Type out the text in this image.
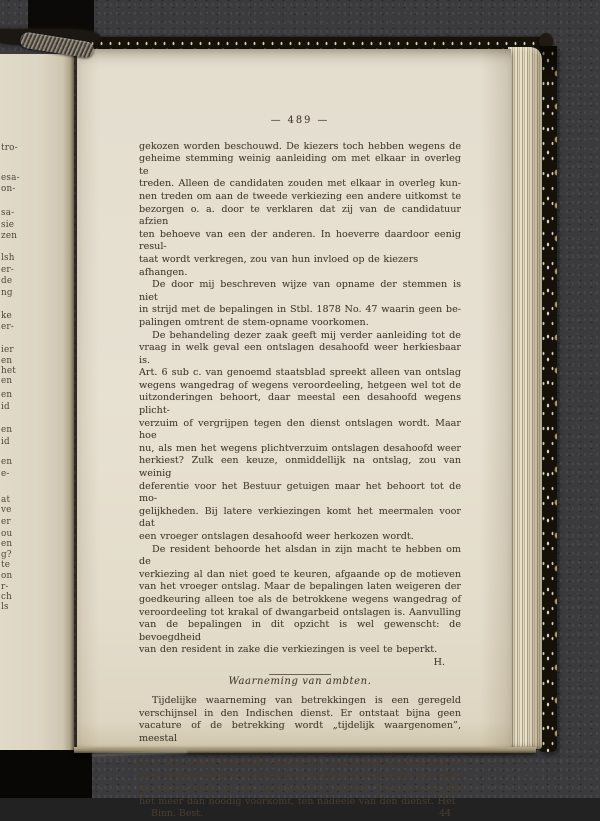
tro-
esa-
on-
sa-
sie
zen
lsh
er-
de
ng
ke
er-
ier
en
het
en
en
id
en
id
en
e-
at
ve
er
ou
en
g?
te
on
r-
ch
ls
— 489 —
gekozen worden beschouwd. De kiezers toch hebben wegens de
geheime stemming weinig aanleiding om met elkaar in overleg te
treden. Alleen de candidaten zouden met elkaar in overleg kun-
nen treden om aan de tweede verkiezing een andere uitkomst te
bezorgen o. a. door te verklaren dat zij van de candidatuur afzien
ten behoeve van een der anderen. In hoeverre daardoor eenig resul-
taat wordt verkregen, zou van hun invloed op de kiezers afhangen.
De door mij beschreven wijze van opname der stemmen is niet
in strijd met de bepalingen in Stbl. 1878 No. 47 waarin geen be-
palingen omtrent de stem-opname voorkomen.
De behandeling dezer zaak geeft mij verder aanleiding tot de
vraag in welk geval een ontslagen desahoofd weer herkiesbaar is.
Art. 6 sub c. van genoemd staatsblad spreekt alleen van ontslag
wegens wangedrag of wegens veroordeeling, hetgeen wel tot de
uitzonderingen behoort, daar meestal een desahoofd wegens plicht-
verzuim of vergrijpen tegen den dienst ontslagen wordt. Maar hoe
nu, als men het wegens plichtverzuim ontslagen desahoofd weer
herkiest? Zulk een keuze, onmiddellijk na ontslag, zou van weinig
deferentie voor het Bestuur getuigen maar het behoort tot de mo-
gelijkheden. Bij latere verkiezingen komt het meermalen voor dat
een vroeger ontslagen desahoofd weer herkozen wordt.
De resident behoorde het alsdan in zijn macht te hebben om de
verkiezing al dan niet goed te keuren, afgaande op de motieven
van het vroeger ontslag. Maar de bepalingen laten weigeren der
goedkeuring alleen toe als de betrokkene wegens wangedrag of
veroordeeling tot krakal of dwangarbeid ontslagen is. Aanvulling
van de bepalingen in dit opzicht is wel gewenscht: de bevoegdheid
van den resident in zake die verkiezingen is veel te beperkt.
H.
Waarneming van ambten.
Tijdelijke waarneming van betrekkingen is een geregeld
verschijnsel in den Indischen dienst. Er ontstaat bijna geen
vacature of de betrekking wordt „tijdelijk waargenomen”, meestal
w. o. de groote afstanden welke de overgeplaatste ambtenaren
af te leggen hebben, het vendutie houden van inboedel enz. wer-
ken ertoe mede om dat verschijnsel te maken. Toch meen ik dat
het meer dan noodig voorkomt, ten nadeele van den dienst. Het
Binn. Best.	44
